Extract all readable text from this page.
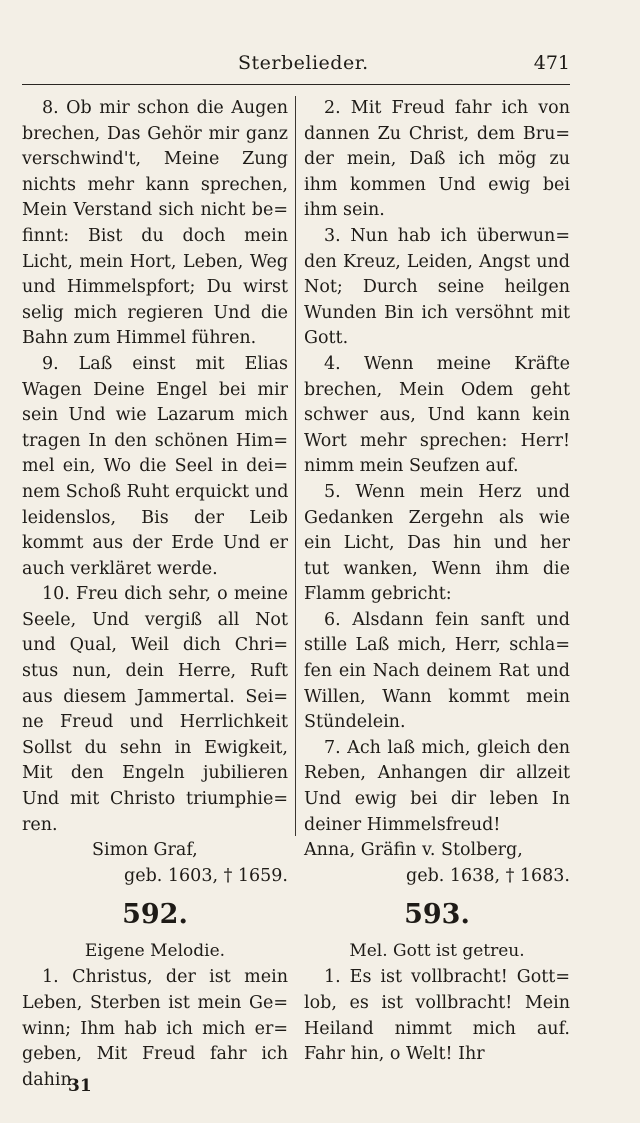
Sterbelieder.	471
8. Ob mir schon die Augen
brechen, Das Gehör mir ganz
verschwind't, Meine Zung
nichts mehr kann sprechen,
Mein Verstand sich nicht be=
finnt: Bist du doch mein
Licht, mein Hort, Leben, Weg
und Himmelspfort; Du wirst
selig mich regieren Und die
Bahn zum Himmel führen.
9. Laß einst mit Elias
Wagen Deine Engel bei mir
sein Und wie Lazarum mich
tragen In den schönen Him=
mel ein, Wo die Seel in dei=
nem Schoß Ruht erquickt und
leidenslos, Bis der Leib
kommt aus der Erde Und er
auch verkläret werde.
10. Freu dich sehr, o meine
Seele, Und vergiß all Not
und Qual, Weil dich Chri=
stus nun, dein Herre, Ruft
aus diesem Jammertal. Sei=
ne Freud und Herrlichkeit
Sollst du sehn in Ewigkeit,
Mit den Engeln jubilieren
Und mit Christo triumphie=
ren.
Simon Graf,
geb. 1603, † 1659.
592.
Eigene Melodie.
1. Christus, der ist mein
Leben, Sterben ist mein Ge=
winn; Ihm hab ich mich er=
geben, Mit Freud fahr ich
dahin.
2. Mit Freud fahr ich von
dannen Zu Christ, dem Bru=
der mein, Daß ich mög zu
ihm kommen Und ewig bei
ihm sein.
3. Nun hab ich überwun=
den Kreuz, Leiden, Angst und
Not; Durch seine heilgen
Wunden Bin ich versöhnt mit
Gott.
4. Wenn meine Kräfte
brechen, Mein Odem geht
schwer aus, Und kann kein
Wort mehr sprechen: Herr!
nimm mein Seufzen auf.
5. Wenn mein Herz und
Gedanken Zergehn als wie
ein Licht, Das hin und her
tut wanken, Wenn ihm die
Flamm gebricht:
6. Alsdann fein sanft und
stille Laß mich, Herr, schla=
fen ein Nach deinem Rat und
Willen, Wann kommt mein
Stündelein.
7. Ach laß mich, gleich den
Reben, Anhangen dir allzeit
Und ewig bei dir leben In
deiner Himmelsfreud!
Anna, Gräfin v. Stolberg,
geb. 1638, † 1683.
593.
Mel. Gott ist getreu.
1. Es ist vollbracht! Gott=
lob, es ist vollbracht! Mein
Heiland nimmt mich auf.
Fahr hin, o Welt! Ihr
31
